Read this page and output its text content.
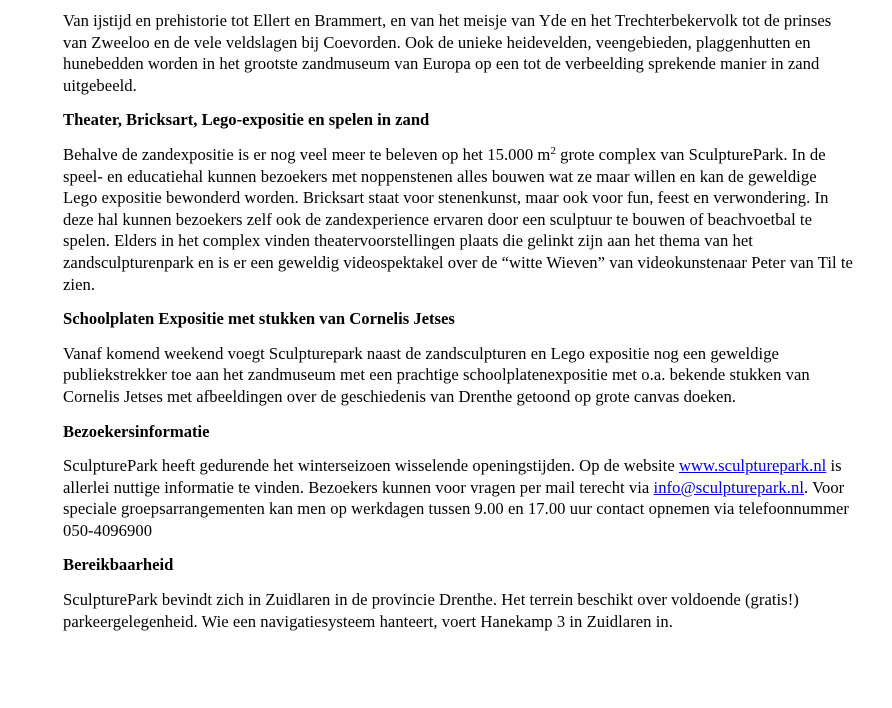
Van ijstijd en prehistorie tot Ellert en Brammert, en van het meisje van Yde en het Trechterbekervolk tot de prinses van Zweeloo en de vele veldslagen bij Coevorden. Ook de unieke heidevelden, veengebieden, plaggenhutten en hunebedden worden in het grootste zandmuseum van Europa op een tot de verbeelding sprekende manier in zand uitgebeeld.

Theater, Bricksart, Lego-expositie en spelen in zand

Behalve de zandexpositie is er nog veel meer te beleven op het 15.000 $m^2$ grote complex van SculpturePark. In de speel- en educatiehal kunnen bezoekers met noppenstenen alles bouwen wat ze maar willen en kan de geweldige Lego expositie bewonderd worden. Bricksart staat voor stenenkunst, maar ook voor fun, feest en verwondering. In deze hal kunnen bezoekers zelf ook de zandexperience ervaren door een sculptuur te bouwen of beachvoetbal te spelen. Elders in het complex vinden theatervoorstellingen plaats die gelinkt zijn aan het thema van het zandsculpturenpark en is er een geweldig videospektakel over de “witte Wieven” van videokunstenaar Peter van Til te zien.

Schoolplaten Expositie met stukken van Cornelis Jetses

Vanaf komend weekend voegt Sculpturepark naast de zandsculpturen en Lego expositie nog een geweldige publiekstrekker toe aan het zandmuseum met een prachtige schoolplatenexpositie met o.a. bekende stukken van Cornelis Jetses met afbeeldingen over de geschiedenis van Drenthe getoond op grote canvas doeken.

Bezoekersinformatie

SculpturePark heeft gedurende het winterseizoen wisselende openingstijden. Op de website www.sculpturepark.nl is allerlei nuttige informatie te vinden. Bezoekers kunnen voor vragen per mail terecht via info@sculpturepark.nl. Voor speciale groepsarrangementen kan men op werkdagen tussen 9.00 en 17.00 uur contact opnemen via telefoonnummer 050-4096900

Bereikbaarheid

SculpturePark bevindt zich in Zuidlaren in de provincie Drenthe. Het terrein beschikt over voldoende (gratis!) parkeergelegenheid. Wie een navigatiesysteem hanteert, voert Hanekamp 3 in Zuidlaren in.
